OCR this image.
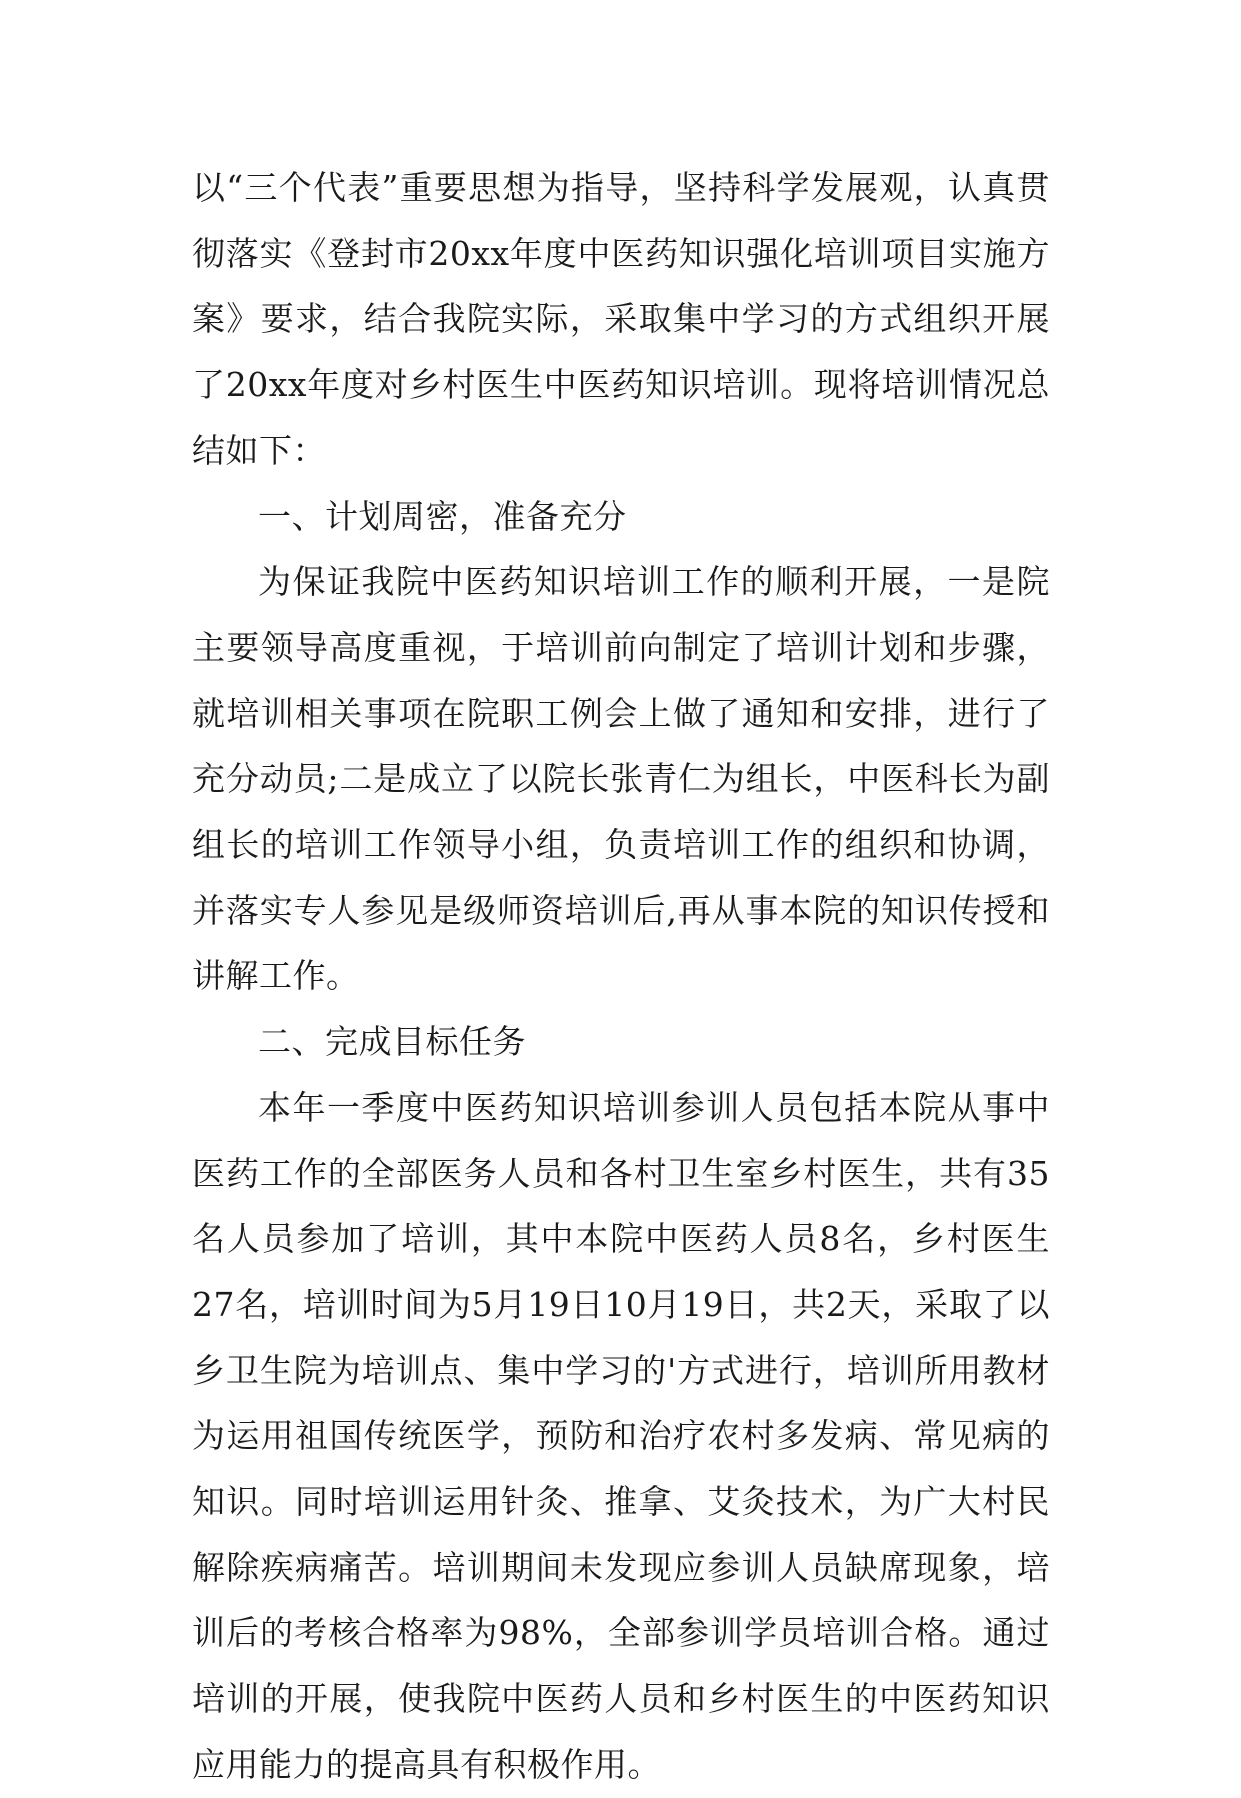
以“三个代表”重要思想为指导，坚持科学发展观，认真贯彻落实《登封市20xx年度中医药知识强化培训项目实施方案》要求，结合我院实际，采取集中学习的方式组织开展了20xx年度对乡村医生中医药知识培训。现将培训情况总结如下：

一、计划周密，准备充分

为保证我院中医药知识培训工作的顺利开展，一是院主要领导高度重视，于培训前向制定了培训计划和步骤，就培训相关事项在院职工例会上做了通知和安排，进行了充分动员;二是成立了以院长张青仁为组长，中医科长为副组长的培训工作领导小组，负责培训工作的组织和协调，并落实专人参见是级师资培训后,再从事本院的知识传授和讲解工作。

二、完成目标任务

本年一季度中医药知识培训参训人员包括本院从事中医药工作的全部医务人员和各村卫生室乡村医生，共有35名人员参加了培训，其中本院中医药人员8名，乡村医生27名，培训时间为5月19日10月19日，共2天，采取了以乡卫生院为培训点、集中学习的'方式进行，培训所用教材为运用祖国传统医学，预防和治疗农村多发病、常见病的知识。同时培训运用针灸、推拿、艾灸技术，为广大村民解除疾病痛苦。培训期间未发现应参训人员缺席现象，培训后的考核合格率为98%，全部参训学员培训合格。通过培训的开展，使我院中医药人员和乡村医生的中医药知识应用能力的提高具有积极作用。
